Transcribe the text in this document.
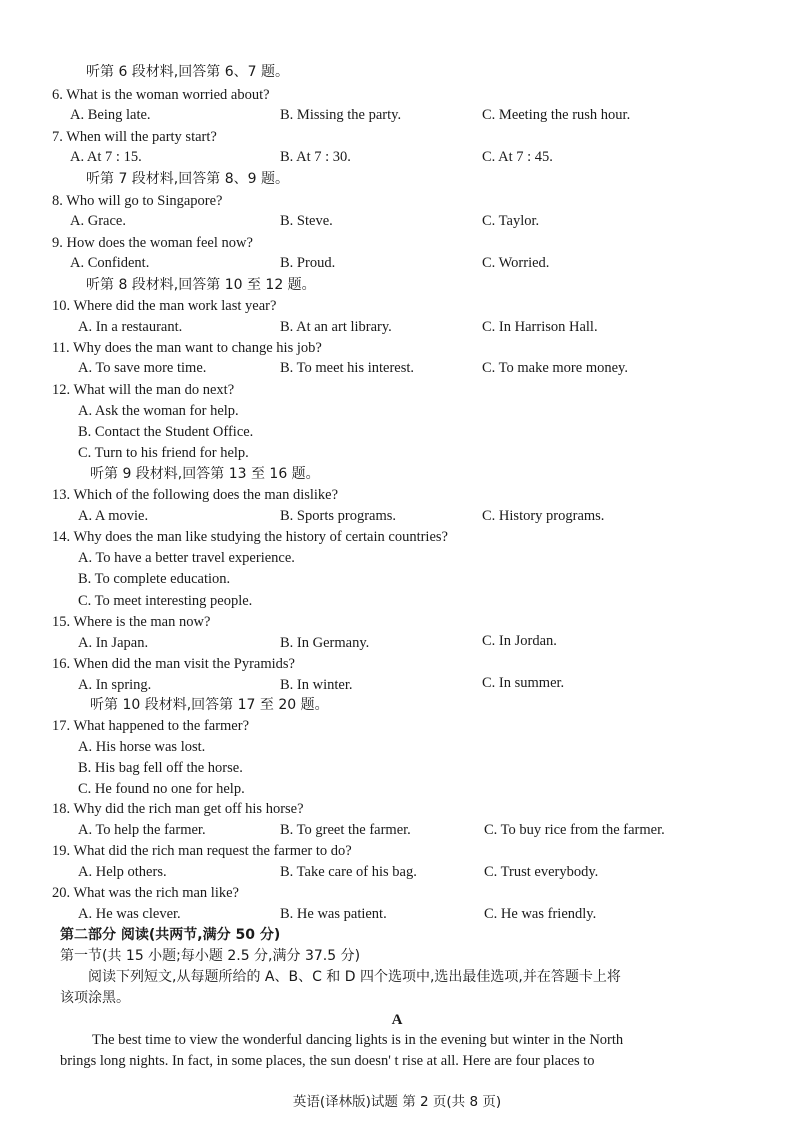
听第 6 段材料,回答第 6、7 题。
6. What is the woman worried about?
A. Being late.	B. Missing the party.	C. Meeting the rush hour.
7. When will the party start?
A. At 7 : 15.	B. At 7 : 30.	C. At 7 : 45.
听第 7 段材料,回答第 8、9 题。
8. Who will go to Singapore?
A. Grace.	B. Steve.	C. Taylor.
9. How does the woman feel now?
A. Confident.	B. Proud.	C. Worried.
听第 8 段材料,回答第 10 至 12 题。
10. Where did the man work last year?
A. In a restaurant.	B. At an art library.	C. In Harrison Hall.
11. Why does the man want to change his job?
A. To save more time.	B. To meet his interest.	C. To make more money.
12. What will the man do next?
A. Ask the woman for help.
B. Contact the Student Office.
C. Turn to his friend for help.
听第 9 段材料,回答第 13 至 16 题。
13. Which of the following does the man dislike?
A. A movie.	B. Sports programs.	C. History programs.
14. Why does the man like studying the history of certain countries?
A. To have a better travel experience.
B. To complete education.
C. To meet interesting people.
15. Where is the man now?
A. In Japan.	B. In Germany.	C. In Jordan.
16. When did the man visit the Pyramids?
A. In spring.	B. In winter.	C. In summer.
听第 10 段材料,回答第 17 至 20 题。
17. What happened to the farmer?
A. His horse was lost.
B. His bag fell off the horse.
C. He found no one for help.
18. Why did the rich man get off his horse?
A. To help the farmer.	B. To greet the farmer.	C. To buy rice from the farmer.
19. What did the rich man request the farmer to do?
A. Help others.	B. Take care of his bag.	C. Trust everybody.
20. What was the rich man like?
A. He was clever.	B. He was patient.	C. He was friendly.
第二部分 阅读(共两节,满分 50 分)
第一节(共 15 小题;每小题 2.5 分,满分 37.5 分)
阅读下列短文,从每题所给的 A、B、C 和 D 四个选项中,选出最佳选项,并在答题卡上将
该项涂黑。
A
The best time to view the wonderful dancing lights is in the evening but winter in the North
brings long nights. In fact, in some places, the sun doesn' t rise at all. Here are four places to
英语(译林版)试题 第 2 页(共 8 页)
